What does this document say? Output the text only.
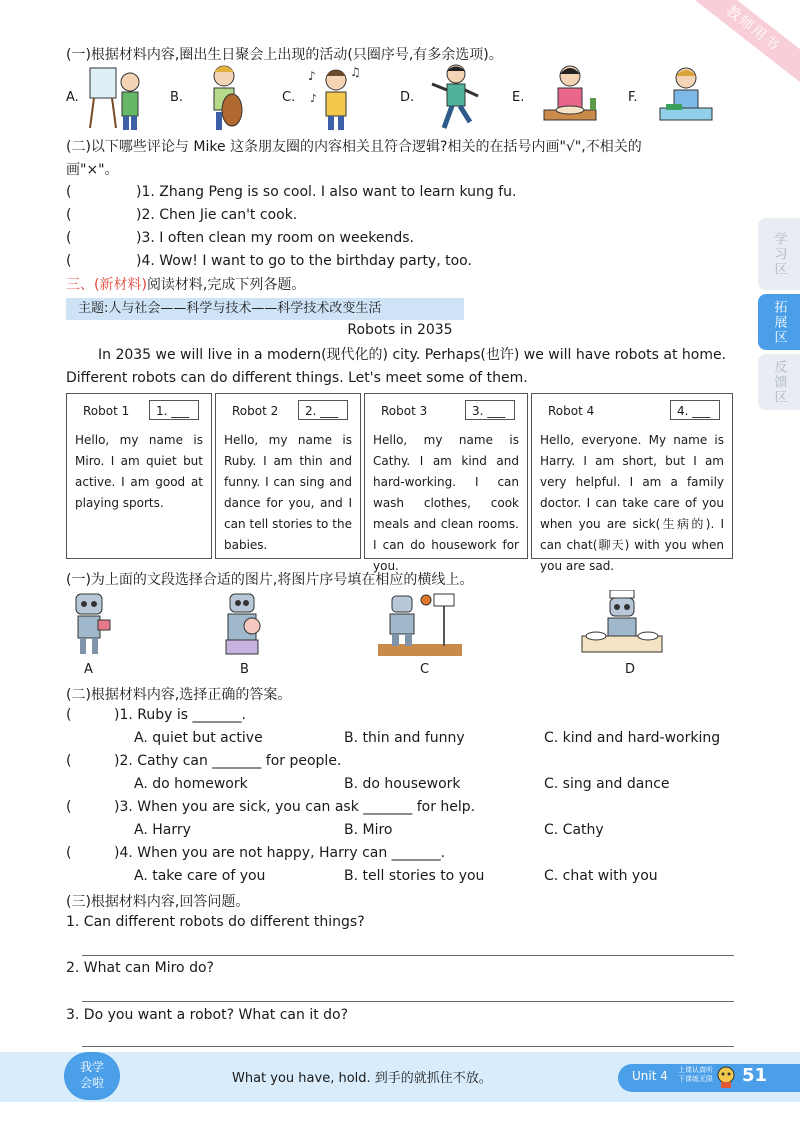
教师用书
学习区
拓展区
反馈区
(一)根据材料内容,圈出生日聚会上出现的活动(只圈序号,有多余选项)。
A.	B.	C.
♪	♫
♪	D.	E.	F.
(二)以下哪些评论与 Mike 这条朋友圈的内容相关且符合逻辑?相关的在括号内画"√",不相关的
画"×"。
(	)1. Zhang Peng is so cool. I also want to learn kung fu.
(	)2. Chen Jie can't cook.
(	)3. I often clean my room on weekends.
(	)4. Wow! I want to go to the birthday party, too.
三、(新材料)阅读材料,完成下列各题。
主题:人与社会——科学与技术——科学技术改变生活
Robots in 2035
In 2035 we will live in a modern(现代化的) city. Perhaps(也许) we will have robots at home.
Different robots can do different things. Let's meet some of them.
Robot 1	1. ___
Hello, my name is Miro. I am quiet but active. I am good at playing sports.
Robot 2	2. ___
Hello, my name is Ruby. I am thin and funny. I can sing and dance for you, and I can tell stories to the babies.
Robot 3	3. ___
Hello, my name is Cathy. I am kind and hard-working. I can wash clothes, cook meals and clean rooms. I can do housework for you.
Robot 4	4. ___
Hello, everyone. My name is Harry. I am short, but I am very helpful. I am a family doctor. I can take care of you when you are sick(生病的). I can chat(聊天) with you when you are sad.
(一)为上面的文段选择合适的图片,将图片序号填在相应的横线上。
A	B	C	D
(二)根据材料内容,选择正确的答案。
(	)1. Ruby is _______.
A. quiet but active	B. thin and funny	C. kind and hard-working
(	)2. Cathy can _______ for people.
A. do homework	B. do housework	C. sing and dance
(	)3. When you are sick, you can ask _______ for help.
A. Harry	B. Miro	C. Cathy
(	)4. When you are not happy, Harry can _______.
A. take care of you	B. tell stories to you	C. chat with you
(三)根据材料内容,回答问题。
1. Can different robots do different things?
2. What can Miro do?
3. Do you want a robot? What can it do?
我学
会啦	What you have, hold. 到手的就抓住不放。	Unit 4 上课认真听
下课练无限 51
